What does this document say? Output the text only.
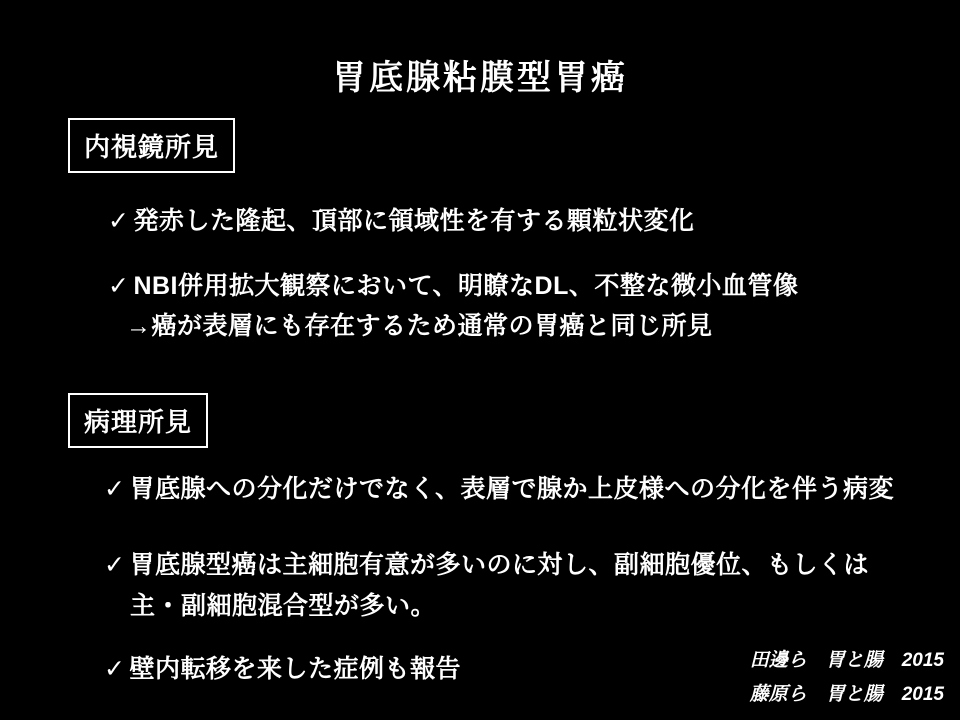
胃底腺粘膜型胃癌
内視鏡所見
✓ 発赤した隆起、頂部に領域性を有する顆粒状変化
✓ NBI併用拡大観察において、明瞭なDL、不整な微小血管像
→癌が表層にも存在するため通常の胃癌と同じ所見
病理所見
✓ 胃底腺への分化だけでなく、表層で腺か上皮様への分化を伴う病変
✓ 胃底腺型癌は主細胞有意が多いのに対し、副細胞優位、もしくは
主・副細胞混合型が多い。
✓ 壁内転移を来した症例も報告	田邊ら　胃と腸　2015
藤原ら　胃と腸　2015
